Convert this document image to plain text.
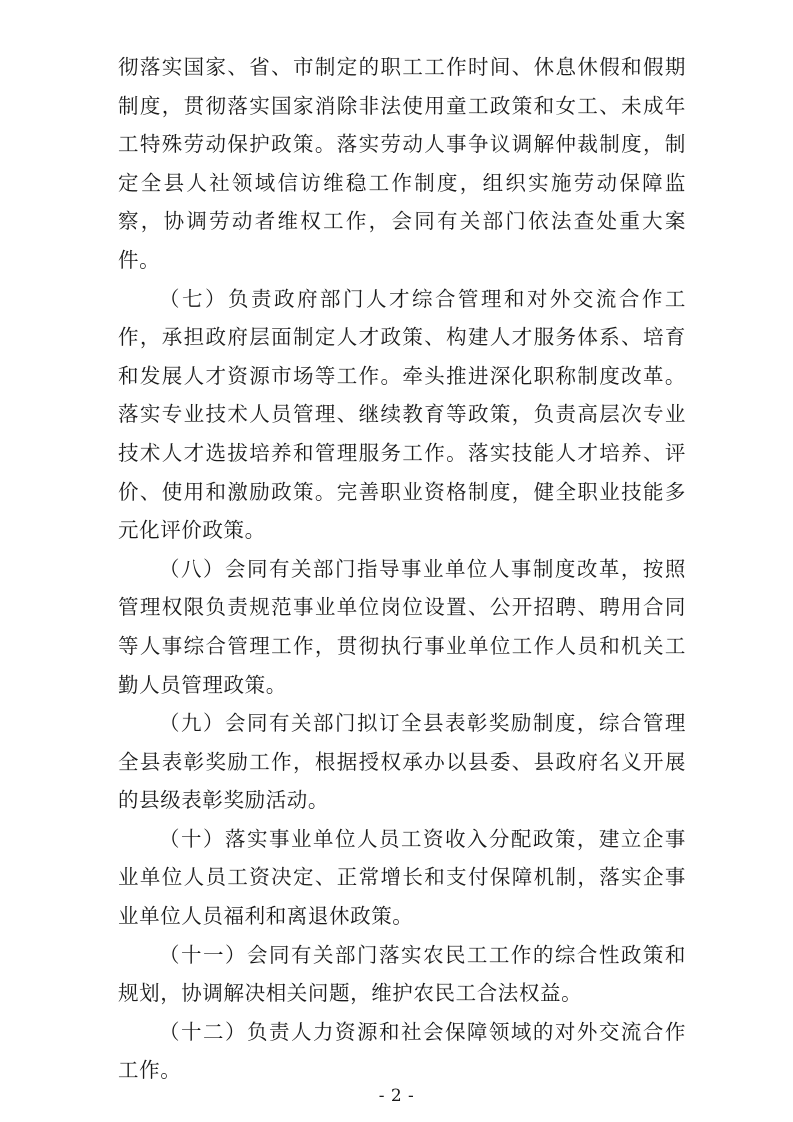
彻落实国家、省、市制定的职工工作时间、休息休假和假期制度，贯彻落实国家消除非法使用童工政策和女工、未成年工特殊劳动保护政策。落实劳动人事争议调解仲裁制度，制定全县人社领域信访维稳工作制度，组织实施劳动保障监察，协调劳动者维权工作，会同有关部门依法查处重大案件。

（七）负责政府部门人才综合管理和对外交流合作工作，承担政府层面制定人才政策、构建人才服务体系、培育和发展人才资源市场等工作。牵头推进深化职称制度改革。落实专业技术人员管理、继续教育等政策，负责高层次专业技术人才选拔培养和管理服务工作。落实技能人才培养、评价、使用和激励政策。完善职业资格制度，健全职业技能多元化评价政策。

（八）会同有关部门指导事业单位人事制度改革，按照管理权限负责规范事业单位岗位设置、公开招聘、聘用合同等人事综合管理工作，贯彻执行事业单位工作人员和机关工勤人员管理政策。

（九）会同有关部门拟订全县表彰奖励制度，综合管理全县表彰奖励工作，根据授权承办以县委、县政府名义开展的县级表彰奖励活动。

（十）落实事业单位人员工资收入分配政策，建立企事业单位人员工资决定、正常增长和支付保障机制，落实企事业单位人员福利和离退休政策。

（十一）会同有关部门落实农民工工作的综合性政策和规划，协调解决相关问题，维护农民工合法权益。

（十二）负责人力资源和社会保障领域的对外交流合作工作。

- 2 -
